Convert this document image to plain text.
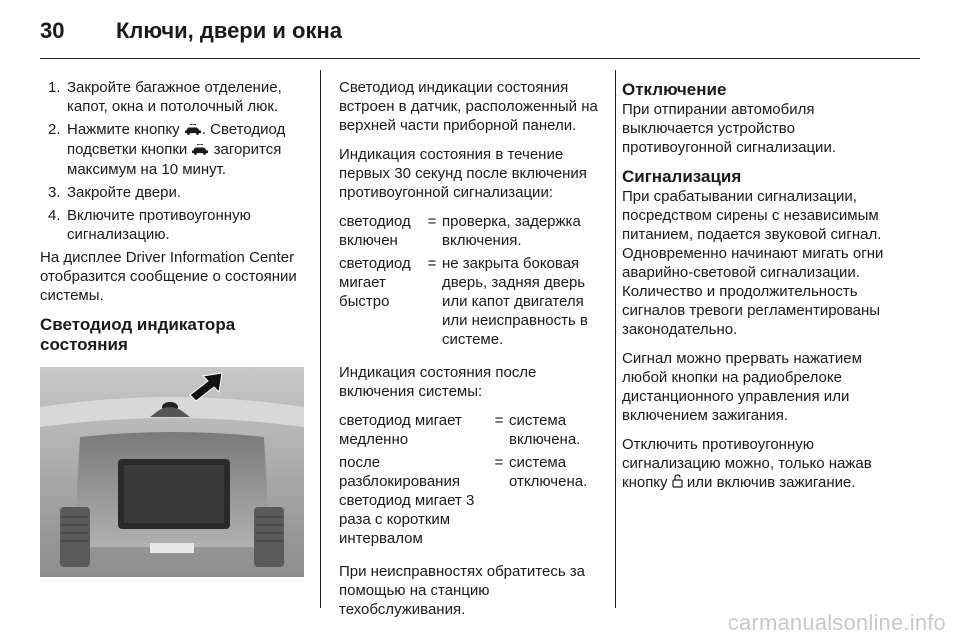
30 Ключи, двери и окна
1. Закройте багажное отделение, капот, окна и потолочный люк.
2. Нажмите кнопку . Светодиод подсветки кнопки  загорится максимум на 10 минут.
3. Закройте двери.
4. Включите противоугонную сигнализацию.

На дисплее Driver Information Center отобразится сообщение о состоянии системы.

Светодиод индикатора состояния

Светодиод индикации состояния встроен в датчик, расположенный на верхней части приборной панели.

Индикация состояния в течение первых 30 секунд после включения противоугонной сигнализации:

светодиод включен
= проверка, задержка включения.
светодиод мигает быстро
= не закрыта боковая дверь, задняя дверь или капот двигателя или неисправность в системе.

Индикация состояния после включения системы:

светодиод мигает медленно
= система включена.
после разблокирования светодиод мигает 3 раза с коротким интервалом
= система отключена.

При неисправностях обратитесь за помощью на станцию техобслуживания.

Отключение

При отпирании автомобиля выключается устройство противоугонной сигнализации.

Сигнализация

При срабатывании сигнализации, посредством сирены с независимым питанием, подается звуковой сигнал. Одновременно начинают мигать огни аварийно-световой сигнализации. Количество и продолжительность сигналов тревоги регламентированы законодательно.

Сигнал можно прервать нажатием любой кнопки на радиобрелоке дистанционного управления или включением зажигания.

Отключить противоугонную сигнализацию можно, только нажав кнопку  или включив зажигание.

carmanualsonline.info
